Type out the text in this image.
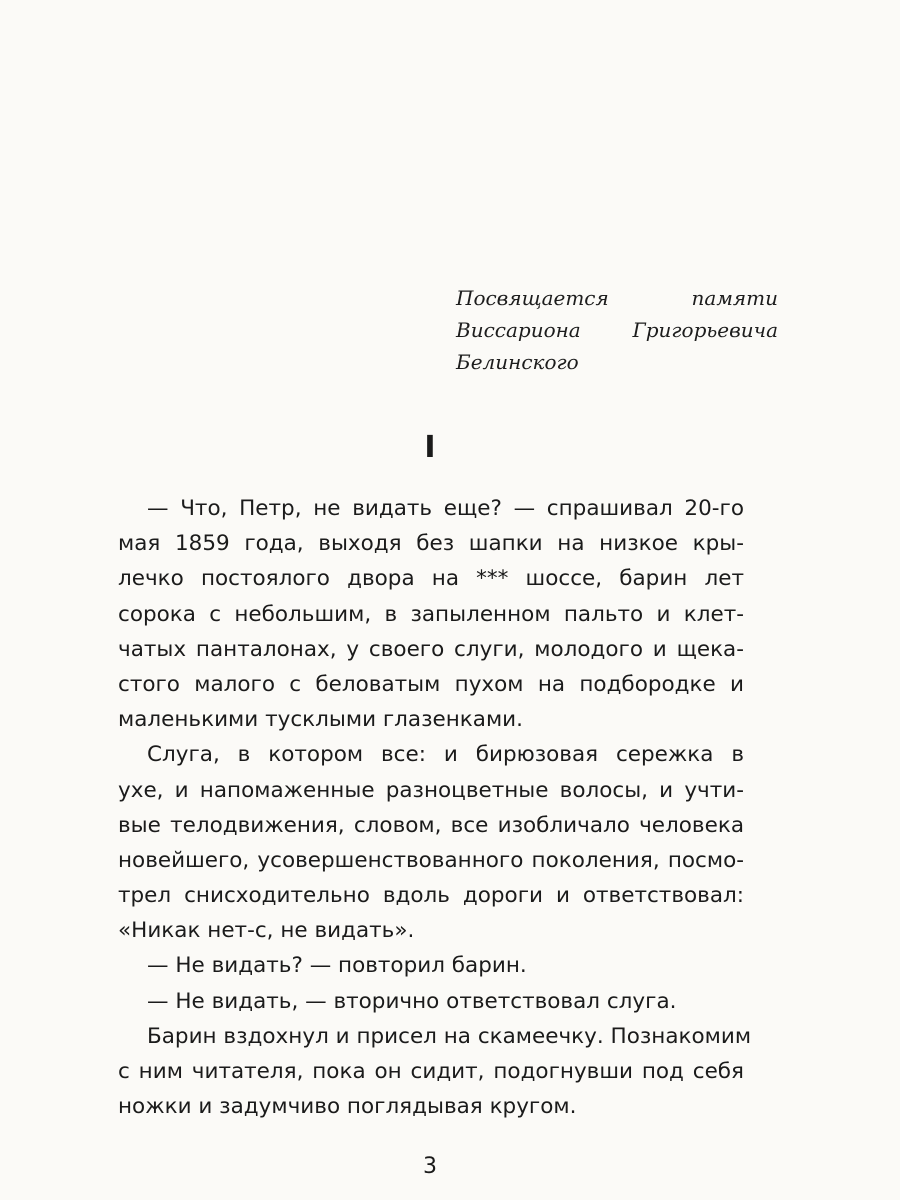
Посвящается памяти
Виссариона Григорьевича
Белинского
I
— Что, Петр, не видать еще? — спрашивал 20-го
мая 1859 года, выходя без шапки на низкое кры-
лечко постоялого двора на *** шоссе, барин лет
сорока с небольшим, в запыленном пальто и клет-
чатых панталонах, у своего слуги, молодого и щека-
стого малого с беловатым пухом на подбородке и
маленькими тусклыми глазенками.
Слуга, в котором все: и бирюзовая сережка в
ухе, и напомаженные разноцветные волосы, и учти-
вые телодвижения, словом, все изобличало человека
новейшего, усовершенствованного поколения, посмо-
трел снисходительно вдоль дороги и ответствовал:
«Никак нет-с, не видать».
— Не видать? — повторил барин.
— Не видать, — вторично ответствовал слуга.
Барин вздохнул и присел на скамеечку. Познакомим
с ним читателя, пока он сидит, подогнувши под себя
ножки и задумчиво поглядывая кругом.
3
